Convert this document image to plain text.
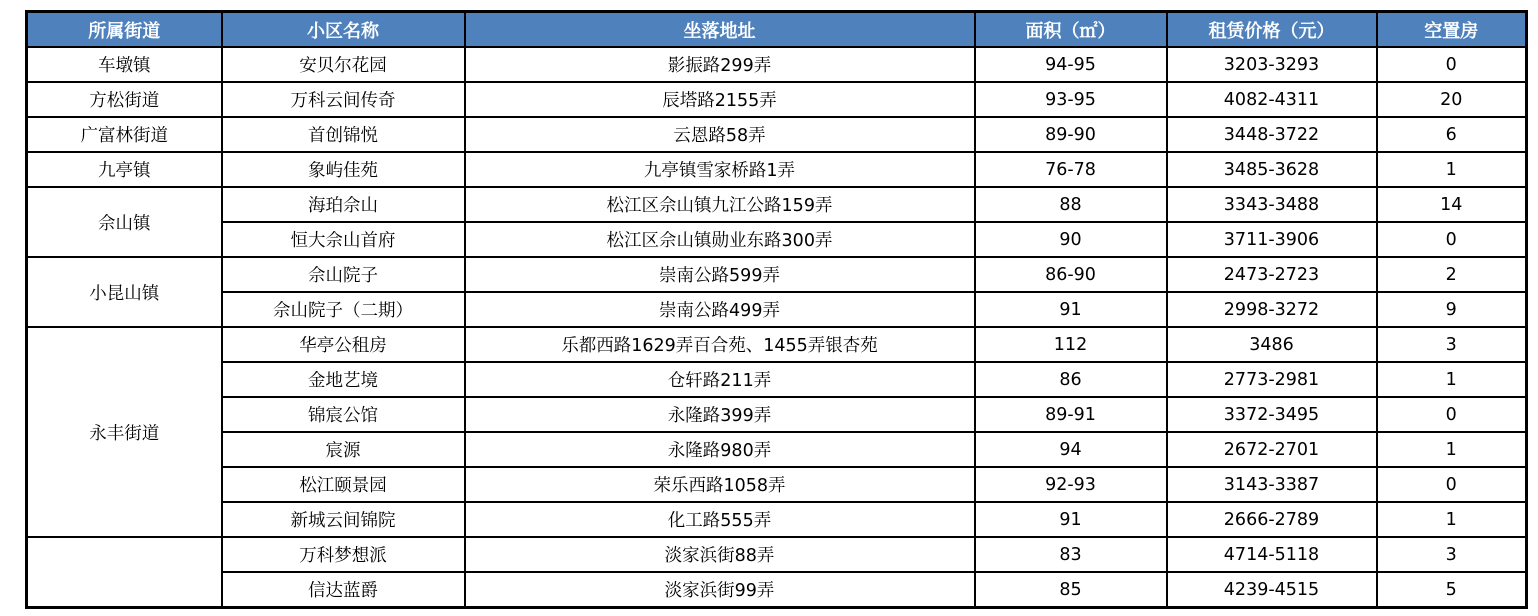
所属街道	小区名称	坐落地址	面积（㎡）	租赁价格（元）	空置房
车墩镇	安贝尔花园	影振路299弄	94-95	3203-3293	0
方松街道	万科云间传奇	辰塔路2155弄	93-95	4082-4311	20
广富林街道	首创锦悦	云恩路58弄	89-90	3448-3722	6
九亭镇	象屿佳苑	九亭镇雪家桥路1弄	76-78	3485-3628	1
佘山镇	海珀佘山	松江区佘山镇九江公路159弄	88	3343-3488	14
	恒大佘山首府	松江区佘山镇勋业东路300弄	90	3711-3906	0
小昆山镇	佘山院子	崇南公路599弄	86-90	2473-2723	2
	佘山院子（二期）	崇南公路499弄	91	2998-3272	9
永丰街道	华亭公租房	乐都西路1629弄百合苑、1455弄银杏苑	112	3486	3
	金地艺境	仓轩路211弄	86	2773-2981	1
	锦宸公馆	永隆路399弄	89-91	3372-3495	0
	宸源	永隆路980弄	94	2672-2701	1
	松江颐景园	荣乐西路1058弄	92-93	3143-3387	0
	新城云间锦院	化工路555弄	91	2666-2789	1
	万科梦想派	淡家浜街88弄	83	4714-5118	3
	信达蓝爵	淡家浜街99弄	85	4239-4515	5
